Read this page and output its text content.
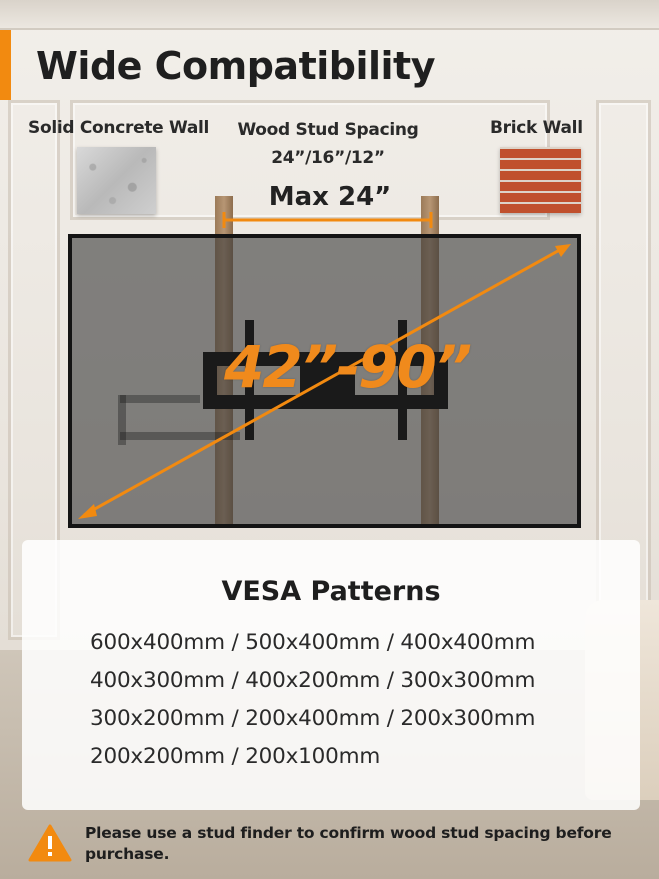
Wide Compatibility
Solid Concrete Wall Wood Stud Spacing
24”/16”/12”
Brick Wall
Max 24”
42”-90”
VESA Patterns
600x400mm / 500x400mm / 400x400mm
400x300mm / 400x200mm / 300x300mm
300x200mm / 200x400mm / 200x300mm
200x200mm / 200x100mm
Please use a stud finder to confirm wood stud spacing before purchase.
